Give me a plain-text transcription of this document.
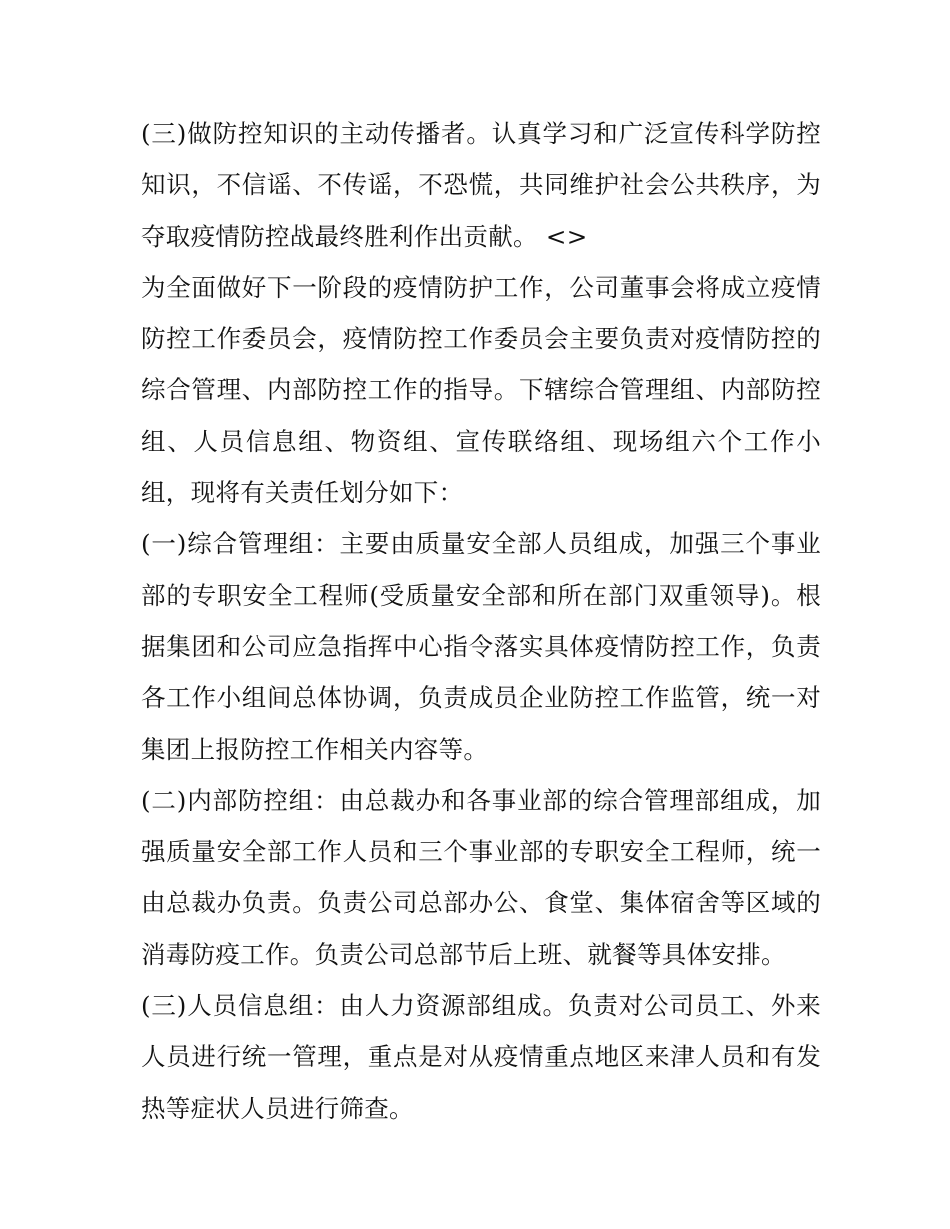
(三)做防控知识的主动传播者。认真学习和广泛宣传科学防控知识，不信谣、不传谣，不恐慌，共同维护社会公共秩序，为夺取疫情防控战最终胜利作出贡献。 <>

为全面做好下一阶段的疫情防护工作，公司董事会将成立疫情防控工作委员会，疫情防控工作委员会主要负责对疫情防控的综合管理、内部防控工作的指导。下辖综合管理组、内部防控组、人员信息组、物资组、宣传联络组、现场组六个工作小组，现将有关责任划分如下：

(一)综合管理组：主要由质量安全部人员组成，加强三个事业部的专职安全工程师(受质量安全部和所在部门双重领导)。根据集团和公司应急指挥中心指令落实具体疫情防控工作，负责各工作小组间总体协调，负责成员企业防控工作监管，统一对集团上报防控工作相关内容等。

(二)内部防控组：由总裁办和各事业部的综合管理部组成，加强质量安全部工作人员和三个事业部的专职安全工程师，统一由总裁办负责。负责公司总部办公、食堂、集体宿舍等区域的消毒防疫工作。负责公司总部节后上班、就餐等具体安排。

(三)人员信息组：由人力资源部组成。负责对公司员工、外来人员进行统一管理，重点是对从疫情重点地区来津人员和有发热等症状人员进行筛查。
